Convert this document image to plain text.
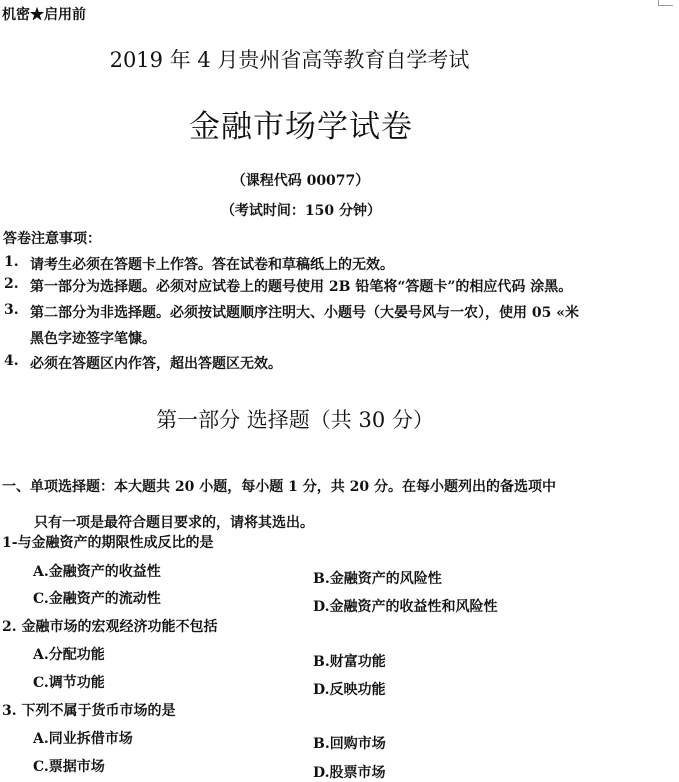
机密★启用前
2019 年 4 月贵州省高等教育自学考试
金融市场学试卷
（课程代码 00077）
（考试时间：150 分钟）
答卷注意事项：
1. 请考生必须在答题卡上作答。答在试卷和草稿纸上的无效。
2. 第一部分为选择题。必须对应试卷上的题号使用 2B 铅笔将“答题卡”的相应代码 涂黑。
3. 第二部分为非选择题。必须按试题顺序注明大、小题号（大晏号风与一农），使用 05 «米
黑色字迹签字笔慷。
4. 必须在答题区内作答，超出答题区无效。
第一部分 选择题（共 30 分）
一、单项选择题：本大题共 20 小题，每小题 1 分，共 20 分。在每小题列出的备选项中
只有一项是最符合题目要求的，请将其选出。
1-与金融资产的期限性成反比的是
A.金融资产的收益性	B.金融资产的风险性
C.金融资产的流动性	D.金融资产的收益性和风险性
2. 金融市场的宏观经济功能不包括
A.分配功能	B.财富功能
C.调节功能	D.反映功能
3. 下列不属于货币市场的是
A.同业拆借市场	B.回购市场
C.票据市场	D.股票市场
